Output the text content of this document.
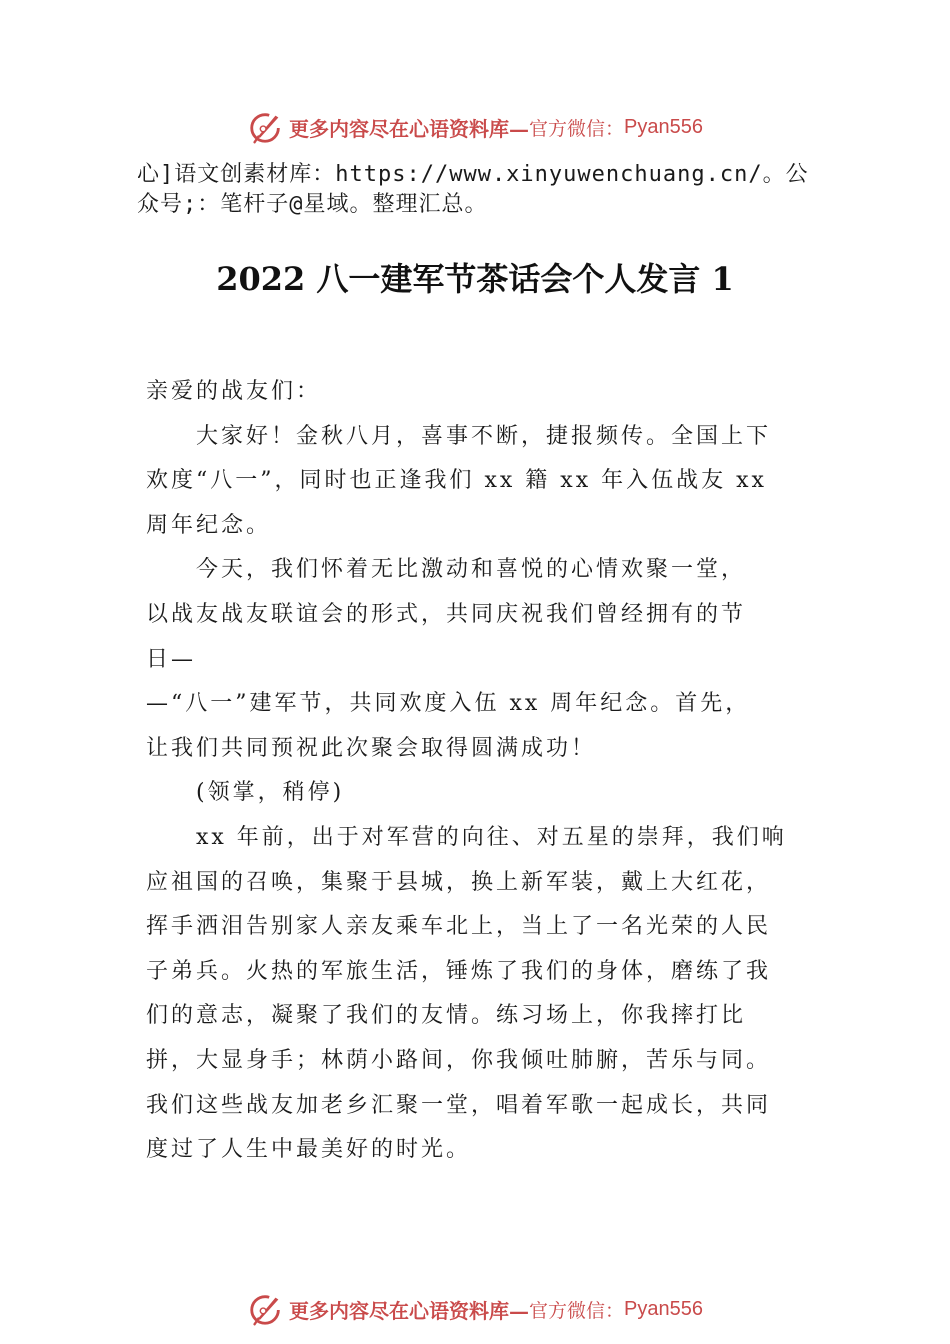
更多内容尽在心语资料库— 官方微信： Pyan556
心]语文创素材库：https://www.xinyuwenchuang.cn/。公众号;：笔杆子@星域。整理汇总。
2022 八一建军节茶话会个人发言 1
亲爱的战友们：
大家好！金秋八月，喜事不断，捷报频传。全国上下
欢度“八一”，同时也正逢我们 xx 籍 xx 年入伍战友 xx
周年纪念。
今天，我们怀着无比激动和喜悦的心情欢聚一堂，
以战友战友联谊会的形式，共同庆祝我们曾经拥有的节
日—
—“八一”建军节，共同欢度入伍 xx 周年纪念。首先，
让我们共同预祝此次聚会取得圆满成功！
(领掌，稍停)
xx 年前，出于对军营的向往、对五星的崇拜，我们响
应祖国的召唤，集聚于县城，换上新军装，戴上大红花，
挥手洒泪告别家人亲友乘车北上，当上了一名光荣的人民
子弟兵。火热的军旅生活，锤炼了我们的身体，磨练了我
们的意志，凝聚了我们的友情。练习场上，你我摔打比
拼，大显身手；林荫小路间，你我倾吐肺腑，苦乐与同。
我们这些战友加老乡汇聚一堂，唱着军歌一起成长，共同
度过了人生中最美好的时光。
更多内容尽在心语资料库— 官方微信： Pyan556
